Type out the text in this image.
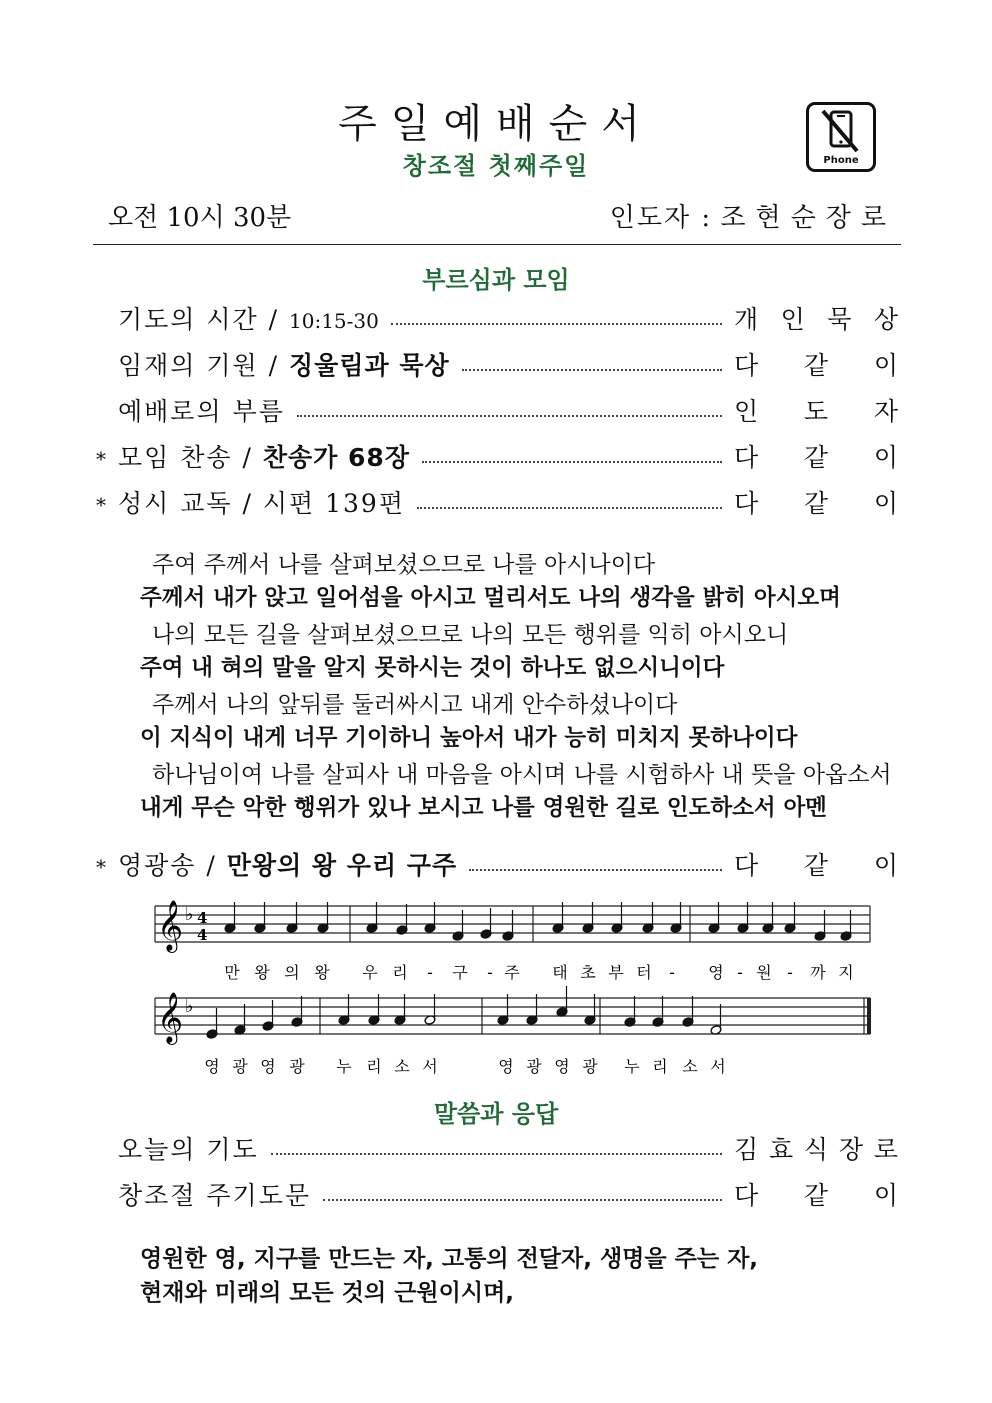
주일예배순서
창조절 첫째주일	Phone
오전 10시 30분	인도자 : 조현순장로
부르심과 모임
기도의 시간 / 10:15-30	개 인 묵 상
임재의 기원 / 징울림과 묵상	다 같 이
예배로의 부름	인 도 자
* 모임 찬송 / 찬송가 68장	다 같 이
* 성시 교독 / 시편 139편	다 같 이
주여 주께서 나를 살펴보셨으므로 나를 아시나이다
주께서 내가 앉고 일어섬을 아시고 멀리서도 나의 생각을 밝히 아시오며
나의 모든 길을 살펴보셨으므로 나의 모든 행위를 익히 아시오니
주여 내 혀의 말을 알지 못하시는 것이 하나도 없으시니이다
주께서 나의 앞뒤를 둘러싸시고 내게 안수하셨나이다
이 지식이 내게 너무 기이하니 높아서 내가 능히 미치지 못하나이다
하나님이여 나를 살피사 내 마음을 아시며 나를 시험하사 내 뜻을 아옵소서
내게 무슨 악한 행위가 있나 보시고 나를 영원한 길로 인도하소서 아멘
* 영광송 / 만왕의 왕 우리 구주	다 같 이
𝄞 ♭ 4
4
𝄞 ♭
만 왕 의 왕 우 리 - 구 - 주 태 초 부 터 - 영 - 원 - 까 지
영 광 영 광 누 리 소 서	영 광 영 광 누 리 소 서
말씀과 응답
오늘의 기도	김 효 식 장 로
창조절 주기도문	다 같 이
영원한 영, 지구를 만드는 자, 고통의 전달자, 생명을 주는 자,
현재와 미래의 모든 것의 근원이시며,
